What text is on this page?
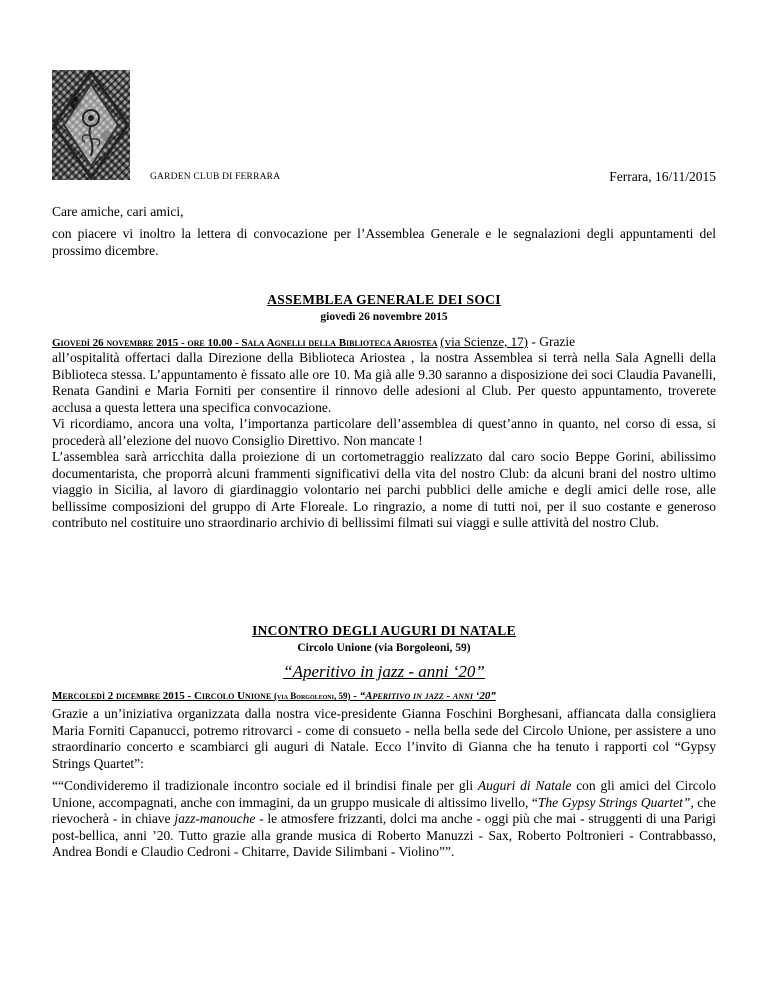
GARDEN CLUB DI FERRARA	Ferrara, 16/11/2015
Care amiche, cari amici,
con piacere vi inoltro la lettera di convocazione per l’Assemblea Generale e le segnalazioni degli appuntamenti del prossimo dicembre.
ASSEMBLEA GENERALE DEI SOCI
giovedì 26 novembre 2015
Giovedì 26 novembre 2015 - ore 10.00 - Sala Agnelli della Biblioteca Ariostea (via Scienze, 17) - Grazie

all’ospitalità offertaci dalla Direzione della Biblioteca Ariostea , la nostra Assemblea si terrà nella Sala Agnelli della Biblioteca stessa. L’appuntamento è fissato alle ore 10. Ma già alle 9.30 saranno a disposizione dei soci Claudia Pavanelli, Renata Gandini e Maria Forniti per consentire il rinnovo delle adesioni al Club. Per questo appuntamento, troverete acclusa a questa lettera una specifica convocazione.

Vi ricordiamo, ancora una volta, l’importanza particolare dell’assemblea di quest’anno in quanto, nel corso di essa, si procederà all’elezione del nuovo Consiglio Direttivo. Non mancate !

L’assemblea sarà arricchita dalla proiezione di un cortometraggio realizzato dal caro socio Beppe Gorini, abilissimo documentarista, che proporrà alcuni frammenti significativi della vita del nostro Club: da alcuni brani del nostro ultimo viaggio in Sicilia, al lavoro di giardinaggio volontario nei parchi pubblici delle amiche e degli amici delle rose, alle bellissime composizioni del gruppo di Arte Floreale. Lo ringrazio, a nome di tutti noi, per il suo costante e generoso contributo nel costituire uno straordinario archivio di bellissimi filmati sui viaggi e sulle attività del nostro Club.

INCONTRO DEGLI AUGURI DI NATALE
Circolo Unione (via Borgoleoni, 59)
“Aperitivo in jazz - anni ‘20”
Mercoledì 2 dicembre 2015 - Circolo Unione (via Borgoleoni, 59) - “Aperitivo in jazz - anni ‘20”
Grazie a un’iniziativa organizzata dalla nostra vice-presidente Gianna Foschini Borghesani, affiancata dalla consigliera Maria Forniti Capanucci, potremo ritrovarci - come di consueto - nella bella sede del Circolo Unione, per assistere a uno straordinario concerto e scambiarci gli auguri di Natale. Ecco l’invito di Gianna che ha tenuto i rapporti col “Gypsy Strings Quartet”:
““Condivideremo il tradizionale incontro sociale ed il brindisi finale per gli Auguri di Natale con gli amici del Circolo Unione, accompagnati, anche con immagini, da un gruppo musicale di altissimo livello, “The Gypsy Strings Quartet”, che rievocherà - in chiave jazz-manouche - le atmosfere frizzanti, dolci ma anche - oggi più che mai - struggenti di una Parigi post-bellica, anni ’20. Tutto grazie alla grande musica di Roberto Manuzzi - Sax, Roberto Poltronieri - Contrabbasso, Andrea Bondi e Claudio Cedroni - Chitarre, Davide Silimbani - Violino””.
